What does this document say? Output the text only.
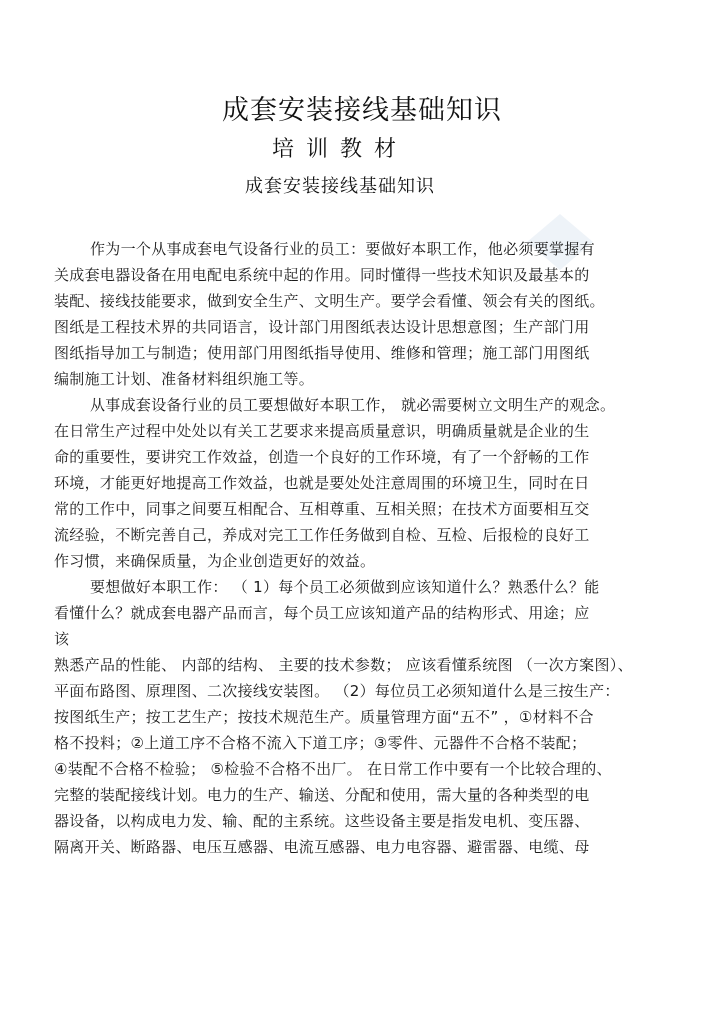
成套安装接线基础知识
培训教材
成套安装接线基础知识
作为一个从事成套电气设备行业的员工：要做好本职工作，他必须要掌握有
关成套电器设备在用电配电系统中起的作用。同时懂得一些技术知识及最基本的
装配、接线技能要求，做到安全生产、文明生产。要学会看懂、领会有关的图纸。
图纸是工程技术界的共同语言，设计部门用图纸表达设计思想意图；生产部门用
图纸指导加工与制造；使用部门用图纸指导使用、维修和管理；施工部门用图纸
编制施工计划、准备材料组织施工等。
从事成套设备行业的员工要想做好本职工作， 就必需要树立文明生产的观念。
在日常生产过程中处处以有关工艺要求来提高质量意识，明确质量就是企业的生
命的重要性，要讲究工作效益，创造一个良好的工作环境，有了一个舒畅的工作
环境，才能更好地提高工作效益，也就是要处处注意周围的环境卫生，同时在日
常的工作中，同事之间要互相配合、互相尊重、互相关照；在技术方面要相互交
流经验，不断完善自己，养成对完工工作任务做到自检、互检、后报检的良好工
作习惯，来确保质量，为企业创造更好的效益。
要想做好本职工作： （ 1）每个员工必须做到应该知道什么？熟悉什么？能
看懂什么？就成套电器产品而言，每个员工应该知道产品的结构形式、用途；应
该
熟悉产品的性能、 内部的结构、 主要的技术参数； 应该看懂系统图 （一次方案图）、
平面布路图、原理图、二次接线安装图。 （2）每位员工必须知道什么是三按生产：
按图纸生产；按工艺生产；按技术规范生产。质量管理方面“五不” ，①材料不合
格不投料；②上道工序不合格不流入下道工序；③零件、元器件不合格不装配；
④装配不合格不检验； ⑤检验不合格不出厂。 在日常工作中要有一个比较合理的、
完整的装配接线计划。电力的生产、输送、分配和使用，需大量的各种类型的电
器设备，以构成电力发、输、配的主系统。这些设备主要是指发电机、变压器、
隔离开关、断路器、电压互感器、电流互感器、电力电容器、避雷器、电缆、母
